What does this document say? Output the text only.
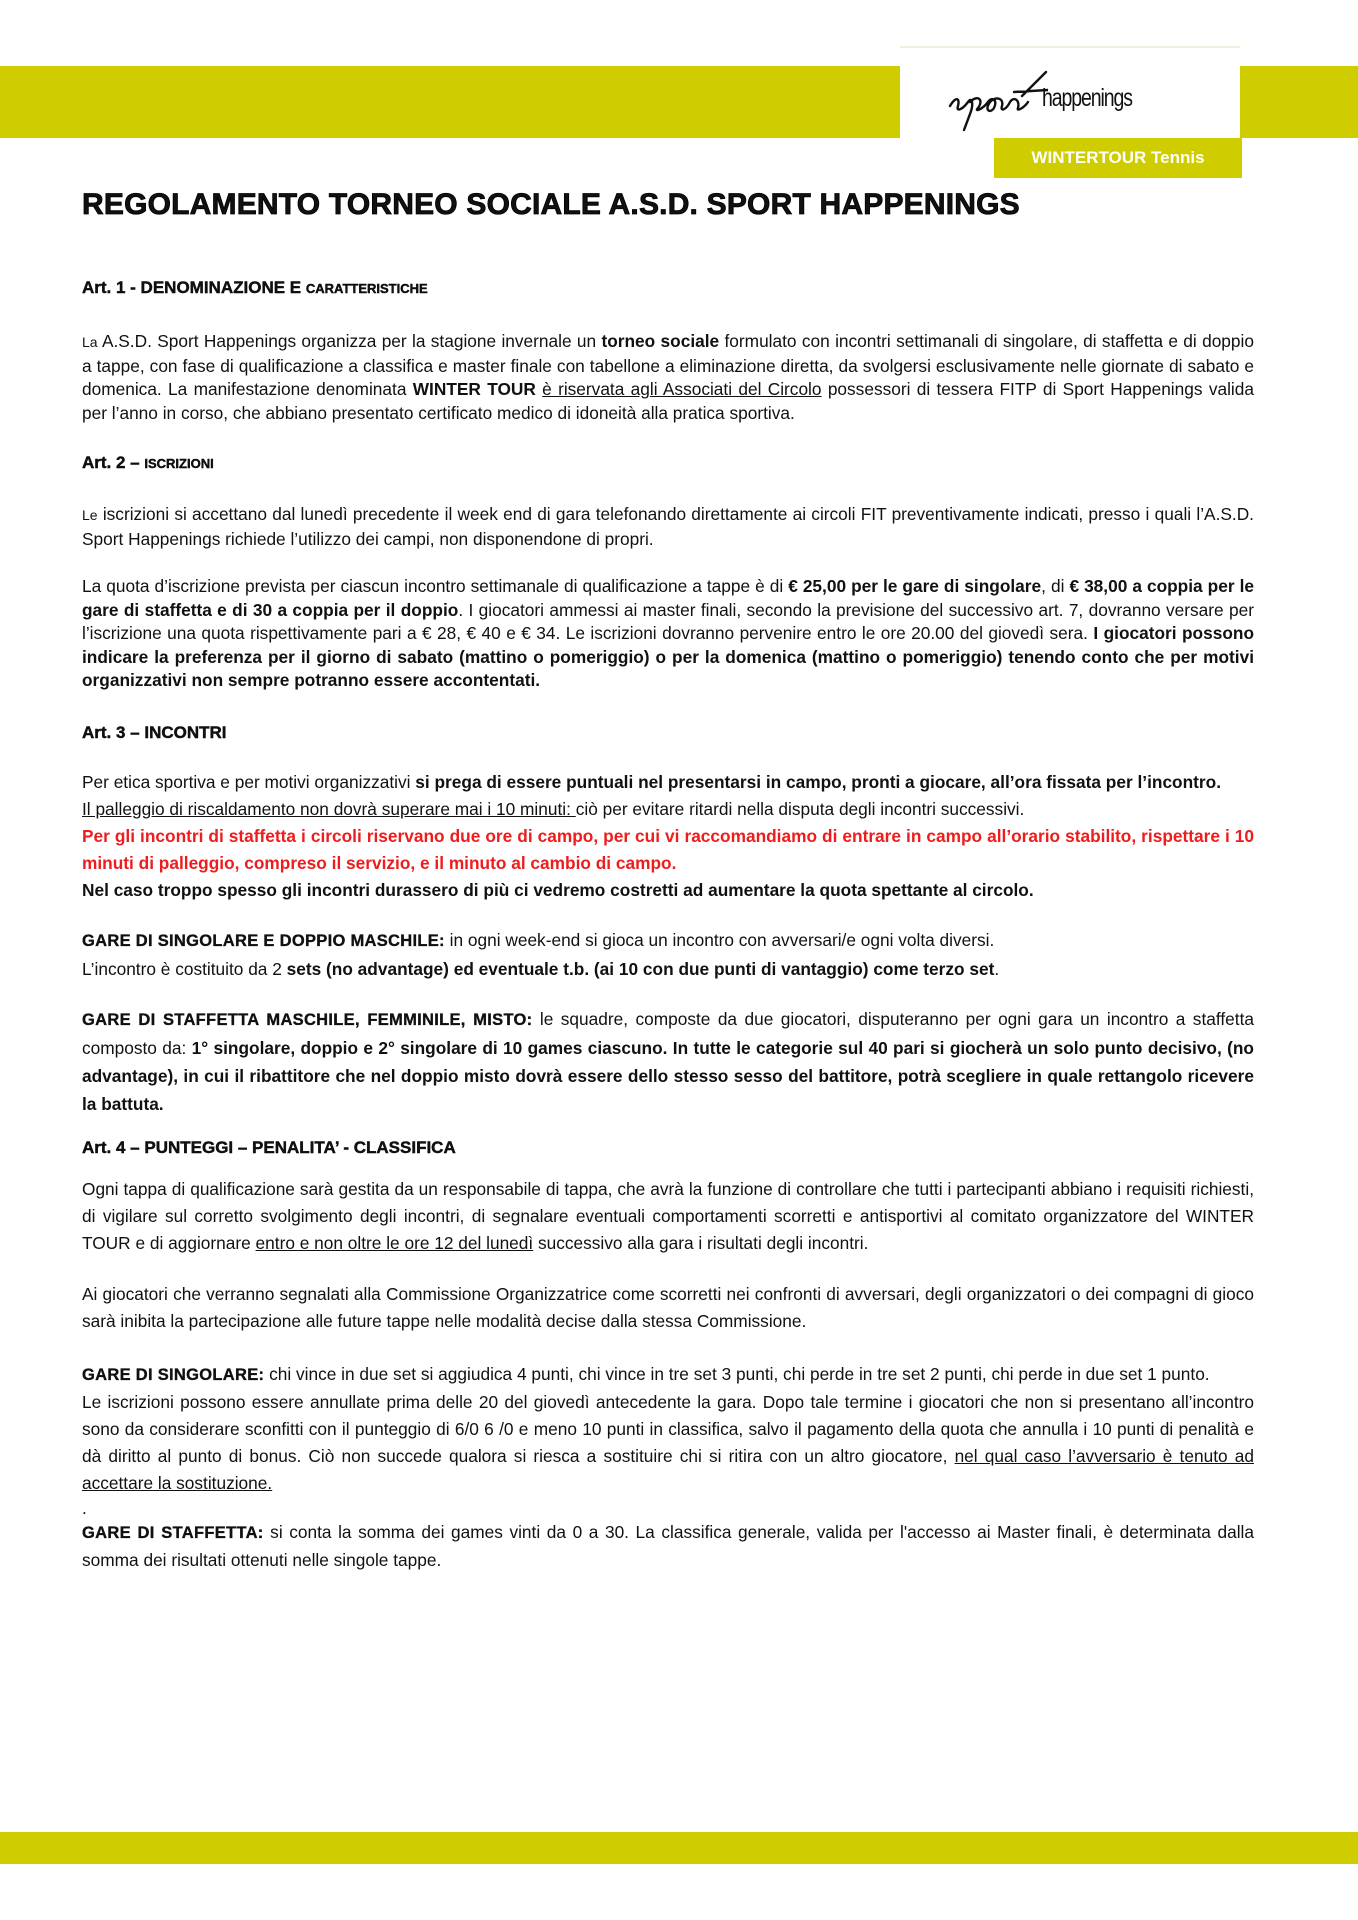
happenings
WINTERTOUR Tennis
REGOLAMENTO TORNEO SOCIALE A.S.D. SPORT HAPPENINGS
Art. 1 - DENOMINAZIONE E CARATTERISTICHE

La A.S.D. Sport Happenings organizza per la stagione invernale un torneo sociale formulato con incontri settimanali di singolare, di staffetta e di doppio a tappe, con fase di qualificazione a classifica e master finale con tabellone a eliminazione diretta, da svolgersi esclusivamente nelle giornate di sabato e domenica. La manifestazione denominata WINTER TOUR è riservata agli Associati del Circolo possessori di tessera FITP di Sport Happenings valida per l’anno in corso, che abbiano presentato certificato medico di idoneità alla pratica sportiva.

Art. 2 – ISCRIZIONI

Le iscrizioni si accettano dal lunedì precedente il week end di gara telefonando direttamente ai circoli FIT preventivamente indicati, presso i quali l’A.S.D. Sport Happenings richiede l’utilizzo dei campi, non disponendone di propri.

La quota d’iscrizione prevista per ciascun incontro settimanale di qualificazione a tappe è di € 25,00 per le gare di singolare, di € 38,00 a coppia per le gare di staffetta e di 30 a coppia per il doppio. I giocatori ammessi ai master finali, secondo la previsione del successivo art. 7, dovranno versare per l’iscrizione una quota rispettivamente pari a € 28, € 40 e € 34. Le iscrizioni dovranno pervenire entro le ore 20.00 del giovedì sera. I giocatori possono indicare la preferenza per il giorno di sabato (mattino o pomeriggio) o per la domenica (mattino o pomeriggio) tenendo conto che per motivi organizzativi non sempre potranno essere accontentati.

Art. 3 – INCONTRI

Per etica sportiva e per motivi organizzativi si prega di essere puntuali nel presentarsi in campo, pronti a giocare, all’ora fissata per l’incontro.

Il palleggio di riscaldamento non dovrà superare mai i 10 minuti: ciò per evitare ritardi nella disputa degli incontri successivi.

Per gli incontri di staffetta i circoli riservano due ore di campo, per cui vi raccomandiamo di entrare in campo all’orario stabilito, rispettare i 10 minuti di palleggio, compreso il servizio, e il minuto al cambio di campo.

Nel caso troppo spesso gli incontri durassero di più ci vedremo costretti ad aumentare la quota spettante al circolo.

GARE DI SINGOLARE E DOPPIO MASCHILE: in ogni week-end si gioca un incontro con avversari/e ogni volta diversi.
L’incontro è costituito da 2 sets (no advantage) ed eventuale t.b. (ai 10 con due punti di vantaggio) come terzo set.

GARE DI STAFFETTA MASCHILE, FEMMINILE, MISTO: le squadre, composte da due giocatori, disputeranno per ogni gara un incontro a staffetta composto da: 1° singolare, doppio e 2° singolare di 10 games ciascuno. In tutte le categorie sul 40 pari si giocherà un solo punto decisivo, (no advantage), in cui il ribattitore che nel doppio misto dovrà essere dello stesso sesso del battitore, potrà scegliere in quale rettangolo ricevere la battuta.

Art. 4 – PUNTEGGI – PENALITA’ - CLASSIFICA

Ogni tappa di qualificazione sarà gestita da un responsabile di tappa, che avrà la funzione di controllare che tutti i partecipanti abbiano i requisiti richiesti, di vigilare sul corretto svolgimento degli incontri, di segnalare eventuali comportamenti scorretti e antisportivi al comitato organizzatore del WINTER TOUR e di aggiornare entro e non oltre le ore 12 del lunedì successivo alla gara i risultati degli incontri.

Ai giocatori che verranno segnalati alla Commissione Organizzatrice come scorretti nei confronti di avversari, degli organizzatori o dei compagni di gioco sarà inibita la partecipazione alle future tappe nelle modalità decise dalla stessa Commissione.

GARE DI SINGOLARE: chi vince in due set si aggiudica 4 punti, chi vince in tre set 3 punti, chi perde in tre set 2 punti, chi perde in due set 1 punto.

Le iscrizioni possono essere annullate prima delle 20 del giovedì antecedente la gara. Dopo tale termine i giocatori che non si presentano all’incontro sono da considerare sconfitti con il punteggio di 6/0 6 /0 e meno 10 punti in classifica, salvo il pagamento della quota che annulla i 10 punti di penalità e dà diritto al punto di bonus. Ciò non succede qualora si riesca a sostituire chi si ritira con un altro giocatore, nel qual caso l’avversario è tenuto ad accettare la sostituzione.

.

GARE DI STAFFETTA: si conta la somma dei games vinti da 0 a 30. La classifica generale, valida per l'accesso ai Master finali, è determinata dalla somma dei risultati ottenuti nelle singole tappe.
